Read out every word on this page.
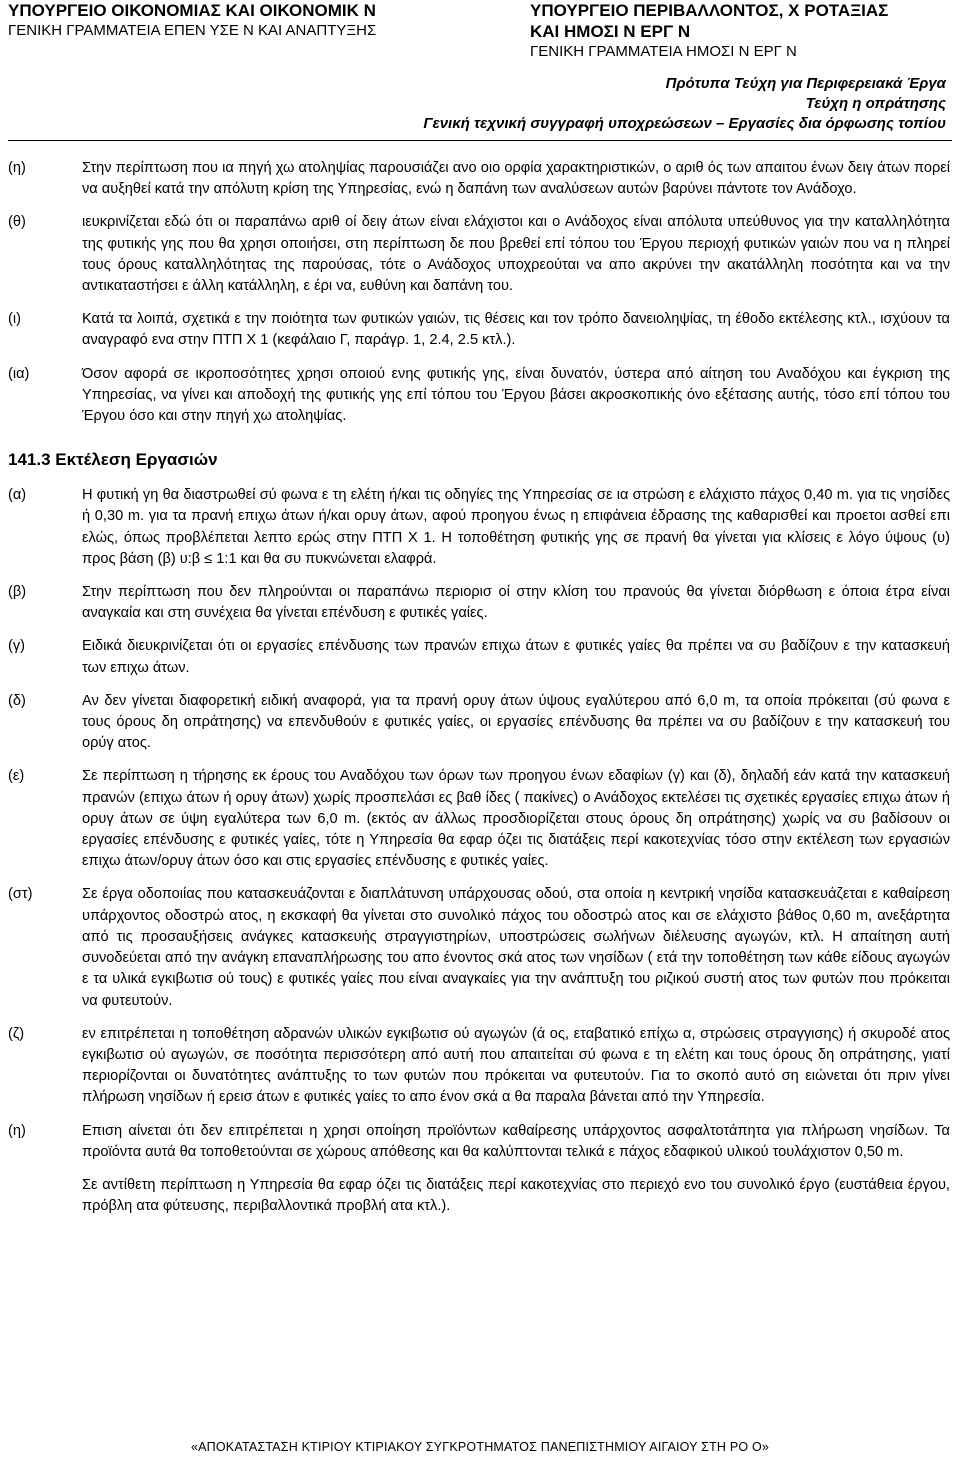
ΥΠΟΥΡΓΕΙΟ ΟΙΚΟΝΟΜΙΑΣ ΚΑΙ ΟΙΚΟΝΟΜΙΚ Ν
ΓΕΝΙΚΗ ΓΡΑΜΜΑΤΕΙΑ ΕΠΕΝ ΥΣΕ Ν ΚΑΙ ΑΝΑΠΤΥΞΗΣ
ΥΠΟΥΡΓΕΙΟ ΠΕΡΙΒΑΛΛΟΝΤΟΣ, Χ ΡΟΤΑΞΙΑΣ
ΚΑΙ ΗΜΟΣΙ Ν ΕΡΓ Ν
ΓΕΝΙΚΗ ΓΡΑΜΜΑΤΕΙΑ ΗΜΟΣΙ Ν ΕΡΓ Ν
Πρότυπα Τεύχη για Περιφερειακά Έργα
Τεύχη η οπράτησης
Γενική τεχνική συγγραφή υποχρεώσεων – Εργασίες δια όρφωσης τοπίου
(η)	Στην περίπτωση που ια πηγή χω ατοληψίας παρουσιάζει ανο οιο ορφία χαρακτηριστικών, ο αριθ ός των απαιτου ένων δειγ άτων πορεί να αυξηθεί κατά την απόλυτη κρίση της Υπηρεσίας, ενώ η δαπάνη των αναλύσεων αυτών βαρύνει πάντοτε τον Ανάδοχο.
(θ)	ιευκρινίζεται εδώ ότι οι παραπάνω αριθ οί δειγ άτων είναι ελάχιστοι και ο Ανάδοχος είναι απόλυτα υπεύθυνος για την καταλληλότητα της φυτικής γης που θα χρησι οποιήσει, στη περίπτωση δε που βρεθεί επί τόπου του Έργου περιοχή φυτικών γαιών που να η πληρεί τους όρους καταλληλότητας της παρούσας, τότε ο Ανάδοχος υποχρεούται να απο ακρύνει την ακατάλληλη ποσότητα και να την αντικαταστήσει ε άλλη κατάλληλη, ε έρι να, ευθύνη και δαπάνη του.
(ι)	Κατά τα λοιπά, σχετικά ε την ποιότητα των φυτικών γαιών, τις θέσεις και τον τρόπο δανειοληψίας, τη έθοδο εκτέλεσης κτλ., ισχύουν τα αναγραφό ενα στην ΠΤΠ Χ 1 (κεφάλαιο Γ, παράγρ. 1, 2.4, 2.5 κτλ.).
(ια)	Όσον αφορά σε ικροποσότητες χρησι οποιού ενης φυτικής γης, είναι δυνατόν, ύστερα από αίτηση του Αναδόχου και έγκριση της Υπηρεσίας, να γίνει και αποδοχή της φυτικής γης επί τόπου του Έργου βάσει ακροσκοπικής όνο εξέτασης αυτής, τόσο επί τόπου του Έργου όσο και στην πηγή χω ατοληψίας.
141.3 Εκτέλεση Εργασιών
(α)	Η φυτική γη θα διαστρωθεί σύ φωνα ε τη ελέτη ή/και τις οδηγίες της Υπηρεσίας σε ια στρώση ε ελάχιστο πάχος 0,40 m. για τις νησίδες ή 0,30 m. για τα πρανή επιχω άτων ή/και ορυγ άτων, αφού προηγου ένως η επιφάνεια έδρασης της καθαρισθεί και προετοι ασθεί επι ελώς, όπως προβλέπεται λεπτο ερώς στην ΠΤΠ Χ 1. Η τοποθέτηση φυτικής γης σε πρανή θα γίνεται για κλίσεις ε λόγο ύψους (υ) προς βάση (β) υ:β ≤ 1:1 και θα συ πυκνώνεται ελαφρά.
(β)	Στην περίπτωση που δεν πληρούνται οι παραπάνω περιορισ οί στην κλίση του πρανούς θα γίνεται διόρθωση ε όποια έτρα είναι αναγκαία και στη συνέχεια θα γίνεται επένδυση ε φυτικές γαίες.
(γ)	Ειδικά διευκρινίζεται ότι οι εργασίες επένδυσης των πρανών επιχω άτων ε φυτικές γαίες θα πρέπει να συ βαδίζουν ε την κατασκευή των επιχω άτων.
(δ)	Αν δεν γίνεται διαφορετική ειδική αναφορά, για τα πρανή ορυγ άτων ύψους εγαλύτερου από 6,0 m, τα οποία πρόκειται (σύ φωνα ε τους όρους δη οπράτησης) να επενδυθούν ε φυτικές γαίες, οι εργασίες επένδυσης θα πρέπει να συ βαδίζουν ε την κατασκευή του ορύγ ατος.
(ε)	Σε περίπτωση η τήρησης εκ έρους του Αναδόχου των όρων των προηγου ένων εδαφίων (γ) και (δ), δηλαδή εάν κατά την κατασκευή πρανών (επιχω άτων ή ορυγ άτων) χωρίς προσπελάσι ες βαθ ίδες ( πακίνες) ο Ανάδοχος εκτελέσει τις σχετικές εργασίες επιχω άτων ή ορυγ άτων σε ύψη εγαλύτερα των 6,0 m. (εκτός αν άλλως προσδιορίζεται στους όρους δη οπράτησης) χωρίς να συ βαδίσουν οι εργασίες επένδυσης ε φυτικές γαίες, τότε η Υπηρεσία θα εφαρ όζει τις διατάξεις περί κακοτεχνίας τόσο στην εκτέλεση των εργασιών επιχω άτων/ορυγ άτων όσο και στις εργασίες επένδυσης ε φυτικές γαίες.
(στ)	Σε έργα οδοποιίας που κατασκευάζονται ε διαπλάτυνση υπάρχουσας οδού, στα οποία η κεντρική νησίδα κατασκευάζεται ε καθαίρεση υπάρχοντος οδοστρώ ατος, η εκσκαφή θα γίνεται στο συνολικό πάχος του οδοστρώ ατος και σε ελάχιστο βάθος 0,60 m, ανεξάρτητα από τις προσαυξήσεις ανάγκες κατασκευής στραγγιστηρίων, υποστρώσεις σωλήνων διέλευσης αγωγών, κτλ. Η απαίτηση αυτή συνοδεύεται από την ανάγκη επαναπλήρωσης του απο ένοντος σκά ατος των νησίδων ( ετά την τοποθέτηση των κάθε είδους αγωγών ε τα υλικά εγκιβωτισ ού τους) ε φυτικές γαίες που είναι αναγκαίες για την ανάπτυξη του ριζικού συστή ατος των φυτών που πρόκειται να φυτευτούν.
(ζ)	εν επιτρέπεται η τοποθέτηση αδρανών υλικών εγκιβωτισ ού αγωγών (ά ος, εταβατικό επίχω α, στρώσεις στραγγισης) ή σκυροδέ ατος εγκιβωτισ ού αγωγών, σε ποσότητα περισσότερη από αυτή που απαιτείται σύ φωνα ε τη ελέτη και τους όρους δη οπράτησης, γιατί περιορίζονται οι δυνατότητες ανάπτυξης το των φυτών που πρόκειται να φυτευτούν. Για το σκοπό αυτό ση ειώνεται ότι πριν γίνει πλήρωση νησίδων ή ερεισ άτων ε φυτικές γαίες το απο ένον σκά α θα παραλα βάνεται από την Υπηρεσία.
(η)	Επιση αίνεται ότι δεν επιτρέπεται η χρησι οποίηση προϊόντων καθαίρεσης υπάρχοντος ασφαλτοτάπητα για πλήρωση νησίδων. Τα προϊόντα αυτά θα τοποθετούνται σε χώρους απόθεσης και θα καλύπτονται τελικά ε πάχος εδαφικού υλικού τουλάχιστον 0,50 m.
Σε αντίθετη περίπτωση η Υπηρεσία θα εφαρ όζει τις διατάξεις περί κακοτεχνίας στο περιεχό ενο του συνολικό έργο (ευστάθεια έργου, πρόβλη ατα φύτευσης, περιβαλλοντικά προβλή ατα κτλ.).
«ΑΠΟΚΑΤΑΣΤΑΣΗ ΚΤΙΡΙΟΥ ΚΤΙΡΙΑΚΟΥ ΣΥΓΚΡΟΤΗΜΑΤΟΣ ΠΑΝΕΠΙΣΤΗΜΙΟΥ ΑΙΓΑΙΟΥ ΣΤΗ ΡΟ Ο»
